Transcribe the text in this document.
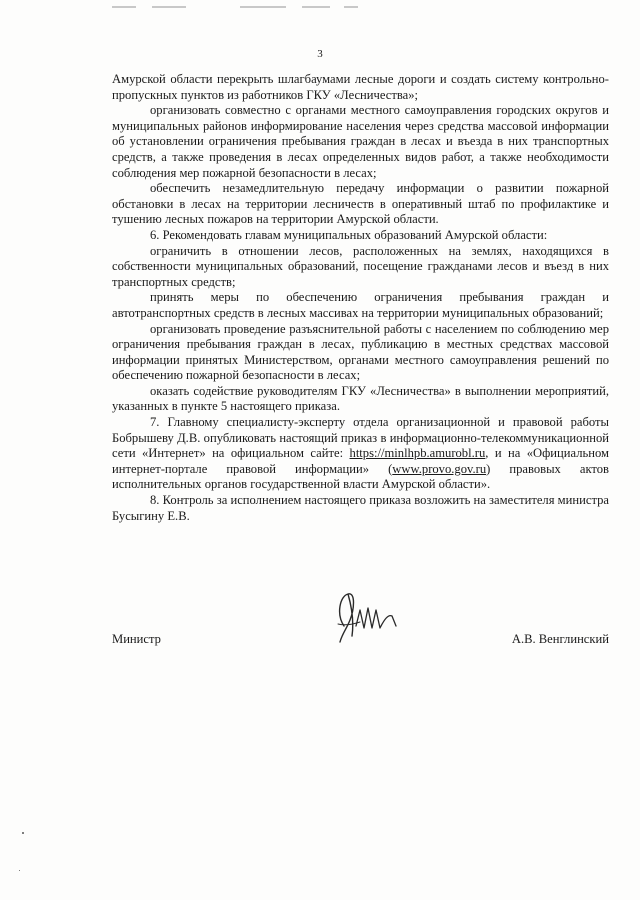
3

Амурской области перекрыть шлагбаумами лесные дороги и создать систему контрольно-пропускных пунктов из работников ГКУ «Лесничества»;

организовать совместно с органами местного самоуправления городских округов и муниципальных районов информирование населения через средства массовой информации об установлении ограничения пребывания граждан в лесах и въезда в них транспортных средств, а также проведения в лесах определенных видов работ, а также необходимости соблюдения мер пожарной безопасности в лесах;

обеспечить незамедлительную передачу информации о развитии пожарной обстановки в лесах на территории лесничеств в оперативный штаб по профилактике и тушению лесных пожаров на территории Амурской области.

6. Рекомендовать главам муниципальных образований Амурской области:

ограничить в отношении лесов, расположенных на землях, находящихся в собственности муниципальных образований, посещение гражданами лесов и въезд в них транспортных средств;

принять меры по обеспечению ограничения пребывания граждан и автотранспортных средств в лесных массивах на территории муниципальных образований;

организовать проведение разъяснительной работы с населением по соблюдению мер ограничения пребывания граждан в лесах, публикацию в местных средствах массовой информации принятых Министерством, органами местного самоуправления решений по обеспечению пожарной безопасности в лесах;

оказать содействие руководителям ГКУ «Лесничества» в выполнении мероприятий, указанных в пункте 5 настоящего приказа.

7. Главному специалисту-эксперту отдела организационной и правовой работы Бобрышеву Д.В. опубликовать настоящий приказ в информационно-телекоммуникационной сети «Интернет» на официальном сайте: https://minlhpb.amurobl.ru, и на «Официальном интернет-портале правовой информации» (www.provo.gov.ru) правовых актов исполнительных органов государственной власти Амурской области».

8. Контроль за исполнением настоящего приказа возложить на заместителя министра Бусыгину Е.В.

Министр	А.В. Венглинский
